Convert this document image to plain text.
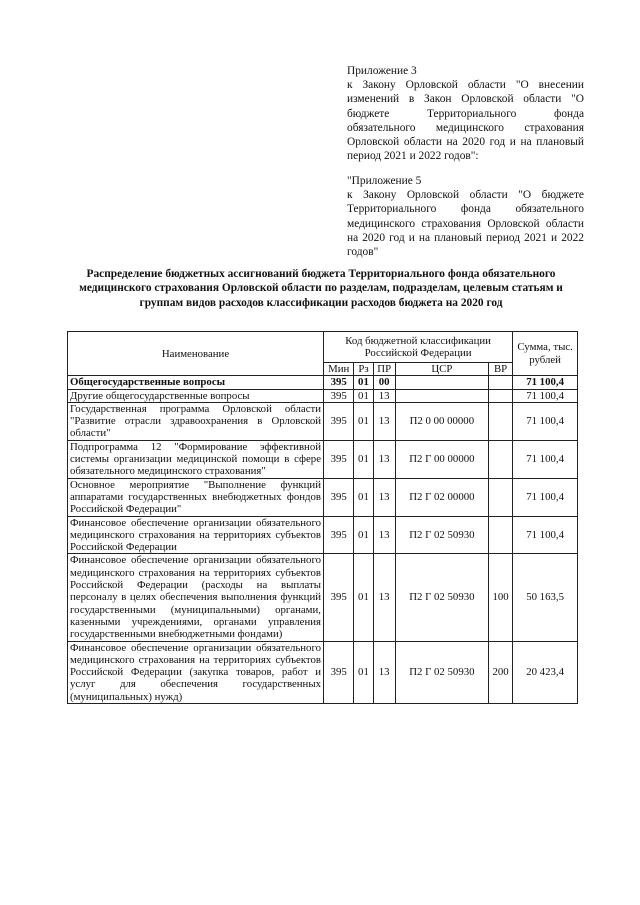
Приложение 3

к Закону Орловской области "О внесении изменений в Закон Орловской области "О бюджете Территориального фонда обязательного медицинского страхования Орловской области на 2020 год и на плановый период 2021 и 2022 годов":

"Приложение 5

к Закону Орловской области "О бюджете Территориального фонда обязательного медицинского страхования Орловской области на 2020 год и на плановый период 2021 и 2022 годов"

Распределение бюджетных ассигнований бюджета Территориального фонда обязательного медицинского страхования Орловской области по разделам, подразделам, целевым статьям и группам видов расходов классификации расходов бюджета на 2020 год
Наименование	Код бюджетной классификации Российской Федерации					Сумма, тыс. рублей
	Мин	Рз	ПР	ЦСР	ВР	
Общегосударственные вопросы	395	01	00			71 100,4
Другие общегосударственные вопросы	395	01	13			71 100,4
Государственная программа Орловской области "Развитие отрасли здравоохранения в Орловской области"	395	01	13	П2 0 00 00000		71 100,4
Подпрограмма 12 "Формирование эффективной системы организации медицинской помощи в сфере обязательного медицинского страхования"	395	01	13	П2 Г 00 00000		71 100,4
Основное мероприятие "Выполнение функций аппаратами государственных внебюджетных фондов Российской Федерации"	395	01	13	П2 Г 02 00000		71 100,4
Финансовое обеспечение организации обязательного медицинского страхования на территориях субъектов Российской Федерации	395	01	13	П2 Г 02 50930		71 100,4
Финансовое обеспечение организации обязательного медицинского страхования на территориях субъектов Российской Федерации (расходы на выплаты персоналу в целях обеспечения выполнения функций государственными (муниципальными) органами, казенными учреждениями, органами управления государственными внебюджетными фондами)	395	01	13	П2 Г 02 50930	100	50 163,5
Финансовое обеспечение организации обязательного медицинского страхования на территориях субъектов Российской Федерации (закупка товаров, работ и услуг для обеспечения государственных (муниципальных) нужд)	395	01	13	П2 Г 02 50930	200	20 423,4
